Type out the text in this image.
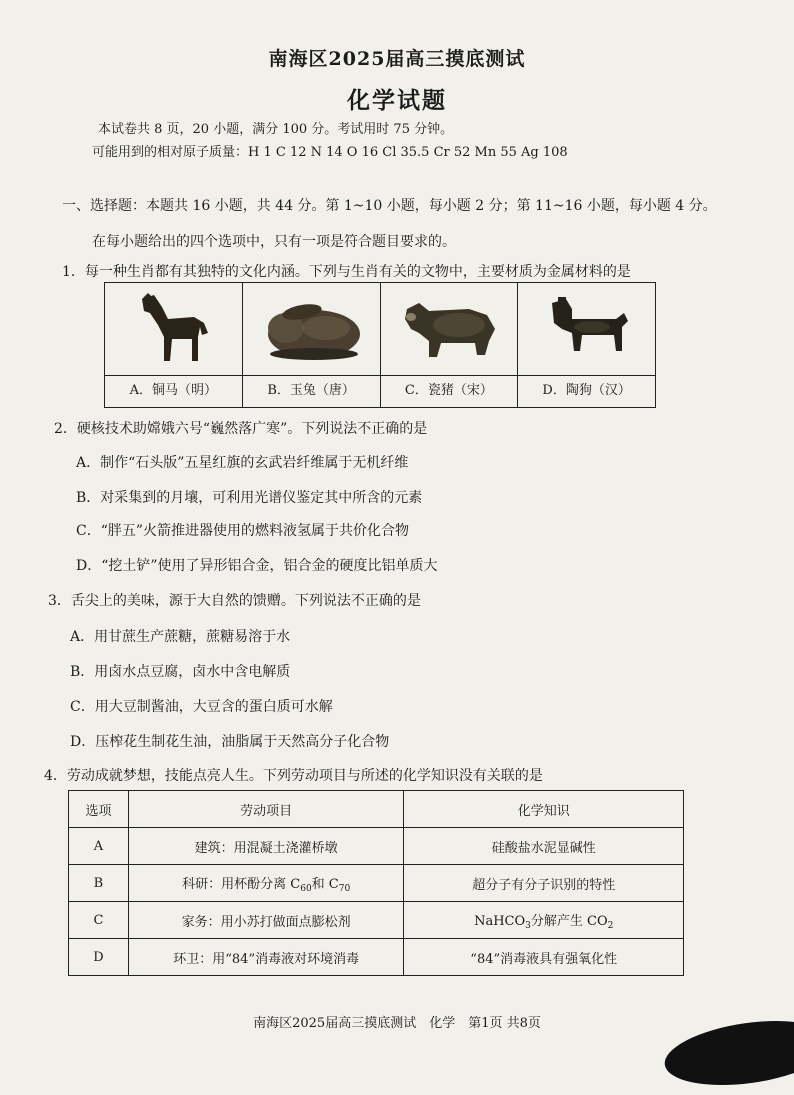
南海区2025届高三摸底测试
化学试题
本试卷共 8 页，20 小题，满分 100 分。考试用时 75 分钟。
可能用到的相对原子质量：H 1 C 12 N 14 O 16 Cl 35.5 Cr 52 Mn 55 Ag 108
一、选择题：本题共 16 小题，共 44 分。第 1~10 小题，每小题 2 分；第 11~16 小题，每小题 4 分。
在每小题给出的四个选项中，只有一项是符合题目要求的。
1．每一种生肖都有其独特的文化内涵。下列与生肖有关的文物中，主要材质为金属材料的是
A．铜马（明）	B．玉兔（唐）	C．瓷猪（宋）	D．陶狗（汉）
2．硬核技术助嫦娥六号“巍然落广寒”。下列说法不正确的是
A．制作“石头版”五星红旗的玄武岩纤维属于无机纤维
B．对采集到的月壤，可利用光谱仪鉴定其中所含的元素
C．“胖五”火箭推进器使用的燃料液氢属于共价化合物
D．“挖土铲”使用了异形铝合金，铝合金的硬度比铝单质大
3．舌尖上的美味，源于大自然的馈赠。下列说法不正确的是
A．用甘蔗生产蔗糖，蔗糖易溶于水
B．用卤水点豆腐，卤水中含电解质
C．用大豆制酱油，大豆含的蛋白质可水解
D．压榨花生制花生油，油脂属于天然高分子化合物
4．劳动成就梦想，技能点亮人生。下列劳动项目与所述的化学知识没有关联的是
选项	劳动项目	化学知识
A	建筑：用混凝土浇灌桥墩	硅酸盐水泥显碱性
B	科研：用杯酚分离 $C_{60}$和 $C_{70}$	超分子有分子识别的特性
C	家务：用小苏打做面点膨松剂	NaHCO$_3$分解产生 $CO_2$
D	环卫：用“84”消毒液对环境消毒	“84”消毒液具有强氧化性
南海区2025届高三摸底测试　化学　第1页 共8页
